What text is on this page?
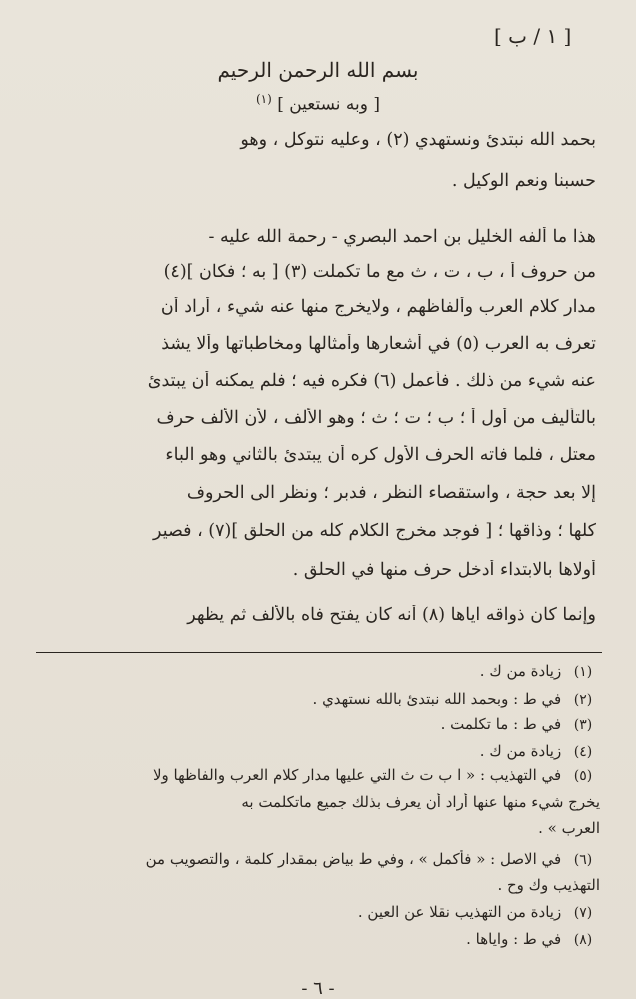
[ ١ / ب ]
بسم الله الرحمن الرحيم
[ وبه نستعين ] $^{(١)}$
بحمد الله نبتدئ ونستهدي (٢) ، وعليه نتوكل ، وهو
حسبنا ونعم الوكيل .
هذا ما ألفه الخليل بن احمد البصري - رحمة الله عليه -
من حروف أ ، ب ، ت ، ث مع ما تكملت (٣) [ به ؛ فكان ](٤)
مدار كلام العرب وألفاظهم ، ولايخرج منها عنه شيء ، أراد أن
تعرف به العرب (٥) في أشعارها وأمثالها ومخاطباتها وألا يشذ
عنه شيء من ذلك . فأعمل (٦) فكره فيه ؛ فلم يمكنه أن يبتدئ
بالتأليف من أول أ ؛ ب ؛ ت ؛ ث ؛ وهو الألف ، لأن الألف حرف
معتل ، فلما فاته الحرف الأول كره أن يبتدئ بالثاني وهو الباء
إلا بعد حجة ، واستقصاء النظر ، فدبر ؛ ونظر الى الحروف
كلها ؛ وذاقها ؛ [ فوجد مخرج الكلام كله من الحلق ](٧) ، فصير
أولاها بالابتداء أدخل حرف منها في الحلق .
وإنما كان ذواقه اياها (٨) أنه كان يفتح فاه بالألف ثم يظهر
(١) زيادة من ك .
(٢) في ط : وبحمد الله نبتدئ بالله نستهدي .
(٣) في ط : ما تكلمت .
(٤) زيادة من ك .
(٥) في التهذيب : « ا ب ت ث التي عليها مدار كلام العرب والفاظها ولا
يخرج شيء منها عنها أراد أن يعرف بذلك جميع ماتكلمت به
العرب » .
(٦) في الاصل : « فأكمل » ، وفي ط بياض بمقدار كلمة ، والتصويب من
التهذيب وك وح .
(٧) زيادة من التهذيب نقلا عن العين .
(٨) في ط : واياها .
- ٦ -
